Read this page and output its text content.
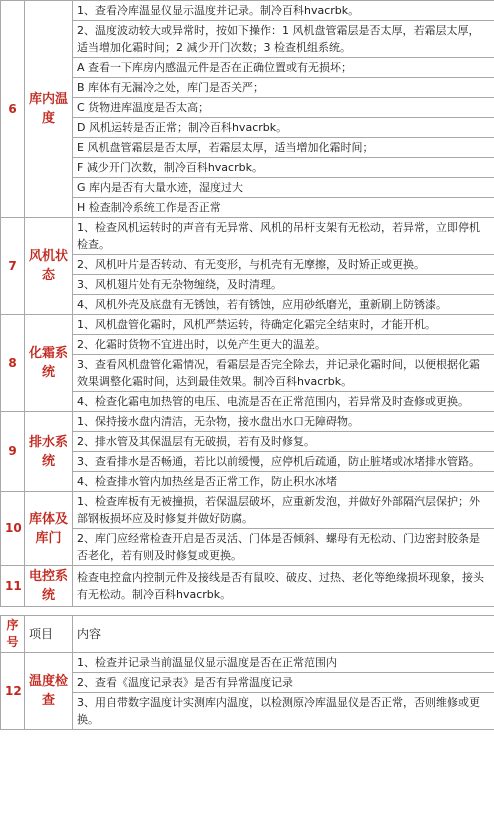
6	库内温度	1、查看冷库温显仪显示温度并记录。制冷百科hvacrbk。
		2、温度波动较大或异常时，按如下操作：1 风机盘管霜层是否太厚，若霜层太厚，适当增加化霜时间；2 减少开门次数；3 检查机组系统。
		A 查看一下库房内感温元件是否在正确位置或有无损坏；
		B 库体有无漏冷之处，库门是否关严；
		C 货物进库温度是否太高；
		D 风机运转是否正常；制冷百科hvacrbk。
		E 风机盘管霜层是否太厚，若霜层太厚，适当增加化霜时间；
		F 减少开门次数，制冷百科hvacrbk。
		G 库内是否有大量水迹，湿度过大
		H 检查制冷系统工作是否正常
7	风机状态	1、检查风机运转时的声音有无异常、风机的吊杆支架有无松动，若异常，立即停机检查。
		2、风机叶片是否转动、有无变形，与机壳有无摩擦，及时矫正或更换。
		3、风机翅片处有无杂物缠绕，及时清理。
		4、风机外壳及底盘有无锈蚀，若有锈蚀，应用砂纸磨光，重新刷上防锈漆。
8	化霜系统	1、风机盘管化霜时，风机严禁运转，待确定化霜完全结束时，才能开机。
		2、化霜时货物不宜进出时，以免产生更大的温差。
		3、查看风机盘管化霜情况，看霜层是否完全除去，并记录化霜时间，以便根据化霜效果调整化霜时间，达到最佳效果。制冷百科hvacrbk。
		4、检查化霜电加热管的电压、电流是否在正常范围内，若异常及时查修或更换。
9	排水系统	1、保持接水盘内清洁，无杂物，接水盘出水口无障碍物。
		2、排水管及其保温层有无破损，若有及时修复。
		3、查看排水是否畅通，若比以前缓慢，应停机后疏通，防止脏堵或冰堵排水管路。
		4、检查排水管内加热丝是否正常工作，防止积水冰堵
10	库体及库门	1、检查库板有无被撞损，若保温层破坏，应重新发泡，并做好外部隔汽层保护；外部钢板损坏应及时修复并做好防腐。
		2、库门应经常检查开启是否灵活、门体是否倾斜、螺母有无松动、门边密封胶条是否老化，若有则及时修复或更换。
11	电控系统	检查电控盒内控制元件及接线是否有鼠咬、破皮、过热、老化等绝缘损坏现象，接头有无松动。制冷百科hvacrbk。

序号	项目	内容
12	温度检查	1、检查并记录当前温显仪显示温度是否在正常范围内
		2、查看《温度记录表》是否有异常温度记录
		3、用自带数字温度计实测库内温度，以检测原冷库温显仪是否正常，否则维修或更换。
